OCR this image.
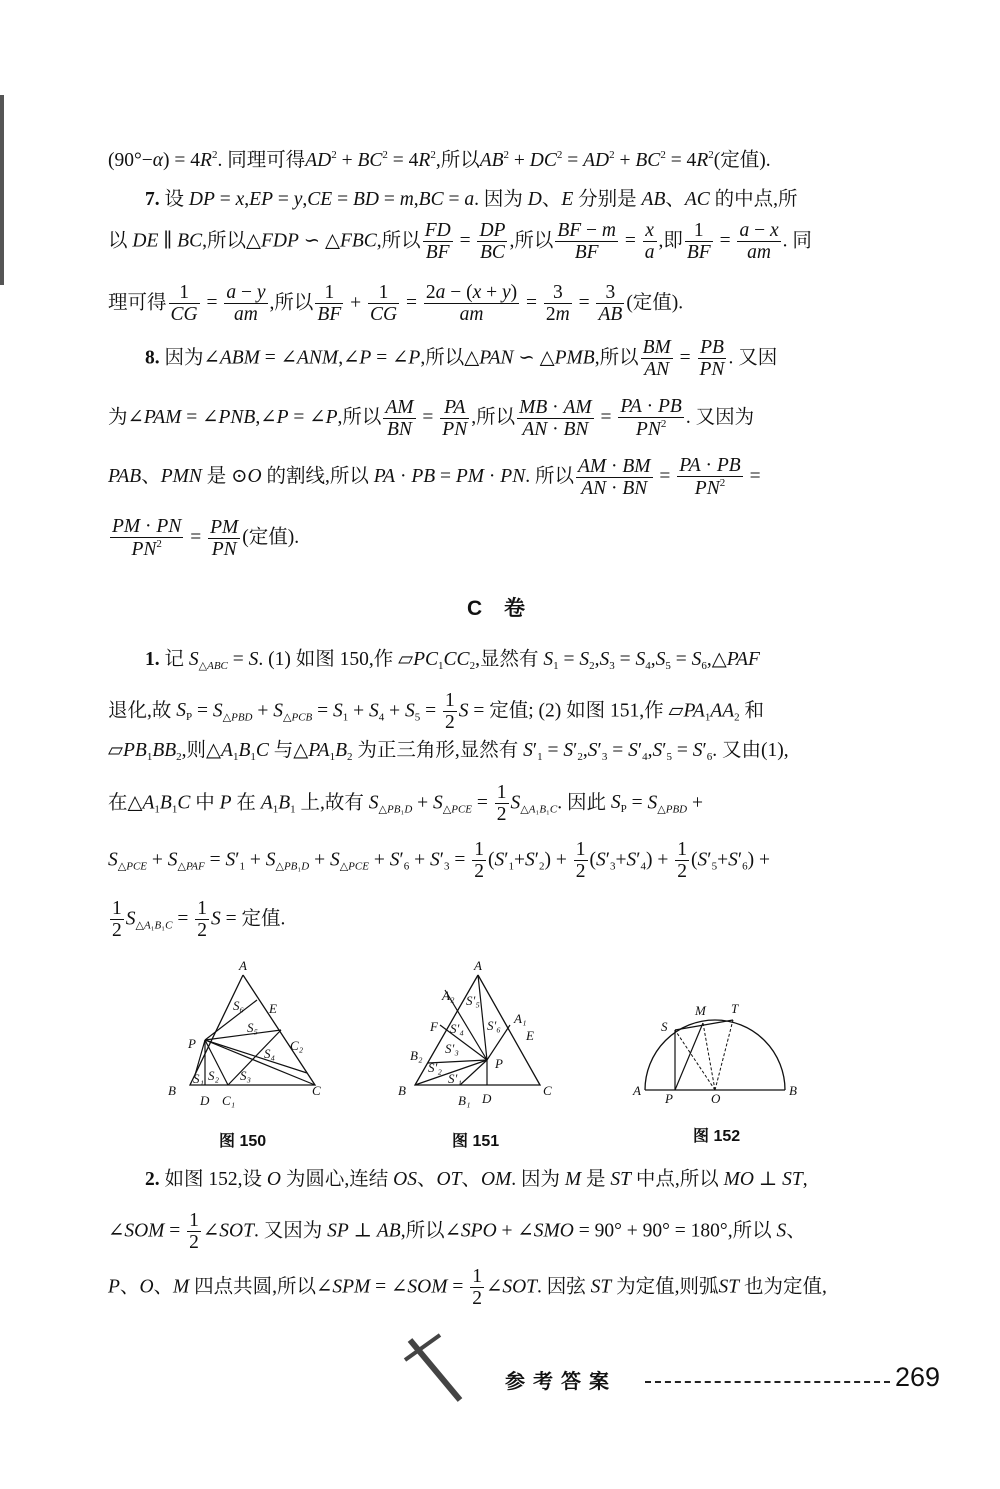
$(90^\circ-\alpha) = 4R^2$. 同理可得$AD^2 + BC^2 = 4R^2$,所以$AB^2 + DC^2 = AD^2 + BC^2 = 4R^2$(定值).
7. 设 DP = x,EP = y,CE = BD = m,BC = a. 因为 D、E 分别是 AB、AC 的中点,所
以 DE ∥ BC,所以△FDP ∽ △FBC,所以 $\frac{FD}{BF} = \frac{DP}{BC}$ ,所以 $\frac{BF - m}{BF} = \frac{x}{a}$ ,即 $\frac{1}{BF} = \frac{a - x}{am}$ . 同
理可得 $\frac{1}{CG} = \frac{a - y}{am}$ ,所以 $\frac{1}{BF} + \frac{1}{CG} = \frac{2a - (x + y)}{am} = \frac{3}{2m} = \frac{3}{AB}$ (定值).
8. 因为∠ABM = ∠ANM,∠P = ∠P,所以△PAN ∽ △PMB,所以 $\frac{BM}{AN} = \frac{PB}{PN}$ . 又因
为∠PAM = ∠PNB,∠P = ∠P,所以 $\frac{AM}{BN} = \frac{PA}{PN}$ ,所以 $\frac{MB \cdot AM}{AN \cdot BN} = \frac{PA \cdot PB}{PN^2}$ . 又因为
PAB、PMN 是 ⊙O 的割线,所以 PA · PB = PM · PN. 所以 $\frac{AM \cdot BM}{AN \cdot BN} = \frac{PA \cdot PB}{PN^2}$ =
$\frac{PM \cdot PN}{PN^2} = \frac{PM}{PN}$ (定值).
C 卷
1. 记 $S_{\triangle ABC} = S$. (1) 如图 150,作 $▱PC_1CC_2$,显然有 $S_1 = S_2,S_3 = S_4,S_5$ = $S_6,\triangle PAF$
退化,故 $S_P = S_{\triangle PBD} + S_{\triangle PCB} = S_1 + S_4 + S_5 = \frac{1}{2}$ S = 定值; (2) 如图 151,作 $▱PA_1AA_2$ 和
$▱PB_1BB_2$,则$\triangle A_1B_1C$ 与$\triangle PA_1B_2$ 为正三角形,显然有 $S'_1 = S'_2,S'_3 = S'_4,S'_5 = S'_6$. 又由(1),
在$\triangle A_1B_1C$ 中 P 在 $A_1B_1$ 上,故有 $S_{\triangle PB_1D} + S_{\triangle PCE} = \frac{1}{2} S_{\triangle A_1B_1C}$. 因此 $S_P = S_{\triangle PBD}$ +
$S_{\triangle PCE} + S_{\triangle PAF} = S'_1 + S_{\triangle PB_1D} + S_{\triangle PCE} + S'_6 + S'_3 = \frac{1}{2} (S'_1+S'_2) + \frac{1}{2} (S'_3+S'_4) + \frac{1}{2} (S'_5+S'_6)$ +
$\frac{1}{2} S_{\triangle A_1B_1C} = \frac{1}{2}$ S = 定值.
A
S₆ E
S₅
C₂
P
S₄
S₃
S₁ S₂
B
D C₁
C
图 150
A
A₂ S′₅
S′₆ A₁
F S′₄	E
S′₃
B₂
S′₂	P
S′₁
B
B₁ D
C
图 151
M T
S
A
P	O
B
图 152
2. 如图 152,设 O 为圆心,连结 OS、OT、OM. 因为 M 是 ST 中点,所以 MO ⊥ ST,
∠SOM = $\frac{1}{2}$ ∠SOT. 又因为 SP ⊥ AB,所以∠SPO + ∠SMO = 90° + 90° = 180°,所以 S、
P、O、M 四点共圆,所以∠SPM = ∠SOM = $\frac{1}{2}$ ∠SOT. 因弦 ST 为定值,则弧ST 也为定值,
参考答案	269
